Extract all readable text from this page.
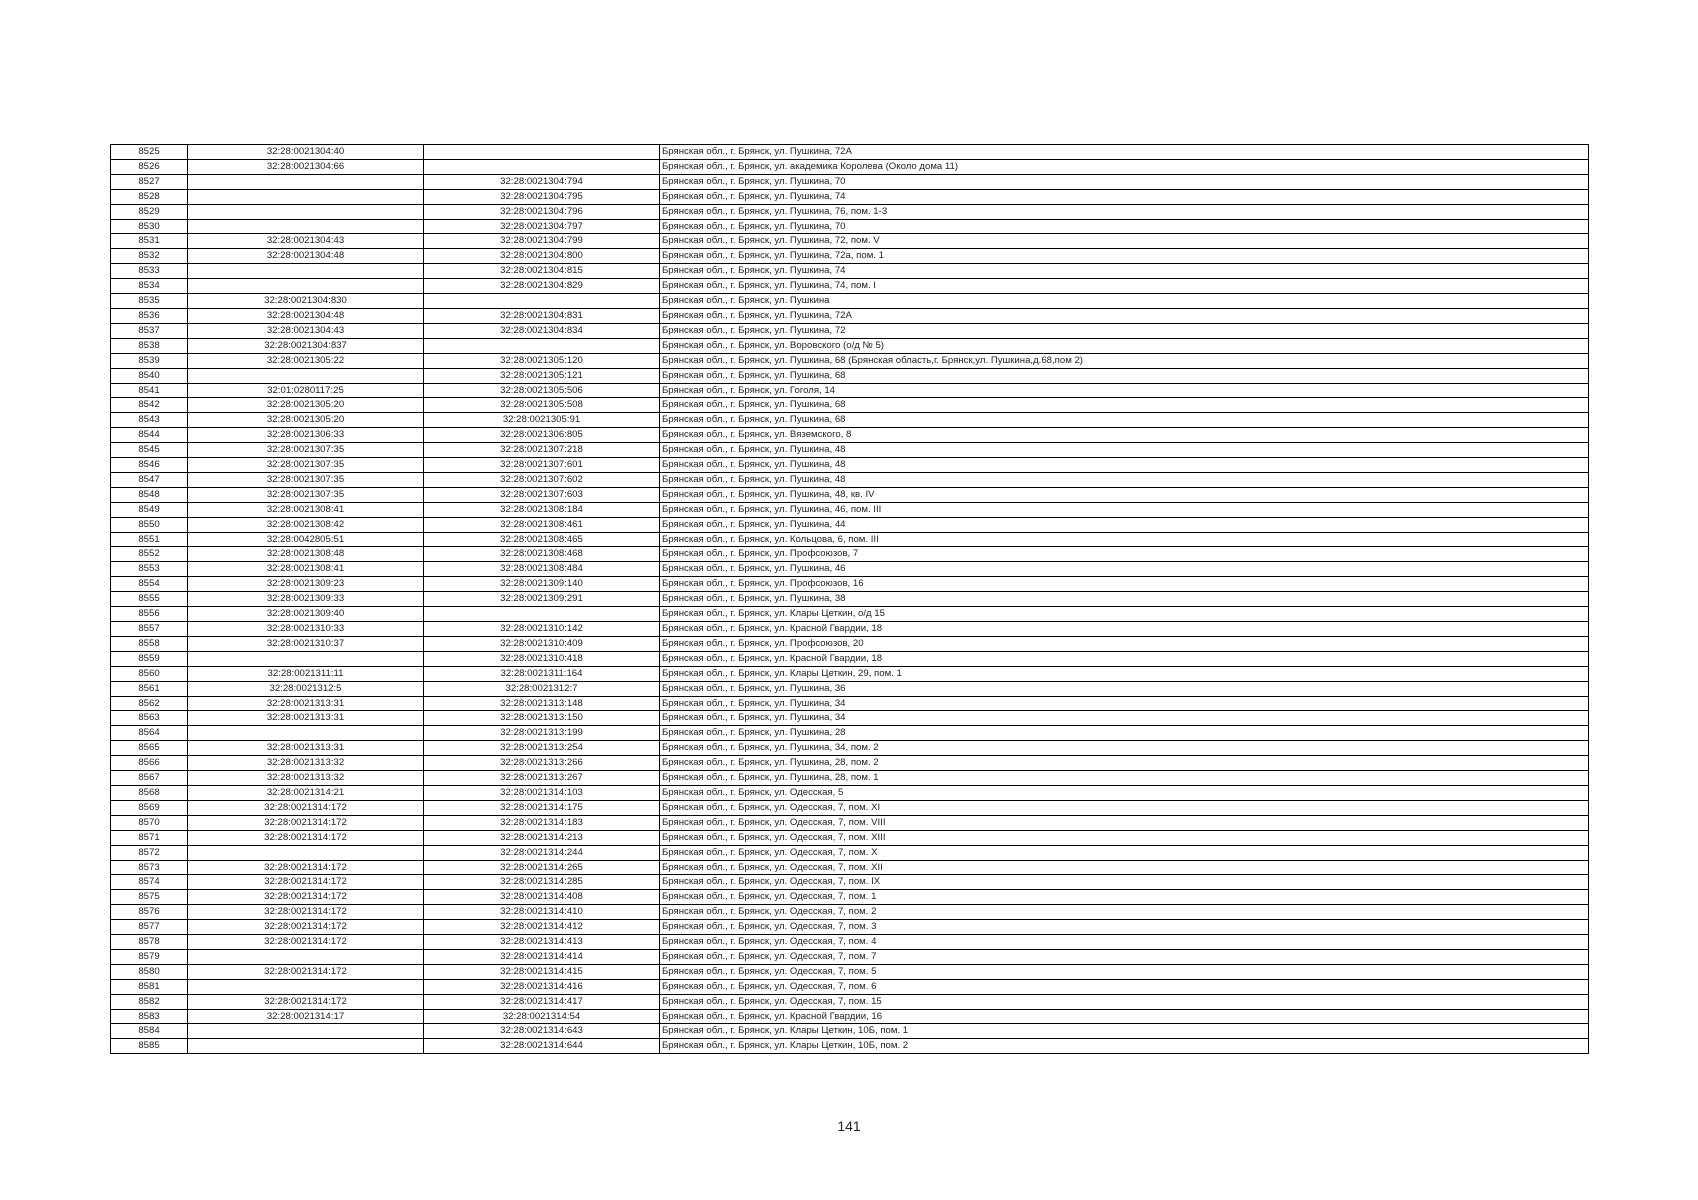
8525	32:28:0021304:40		Брянская обл., г. Брянск, ул. Пушкина, 72А
8526	32:28:0021304:66		Брянская обл., г. Брянск, ул. академика Королева (Около дома 11)
8527		32:28:0021304:794	Брянская обл., г. Брянск, ул. Пушкина, 70
8528		32:28:0021304:795	Брянская обл., г. Брянск, ул. Пушкина, 74
8529		32:28:0021304:796	Брянская обл., г. Брянск, ул. Пушкина, 76, пом. 1-3
8530		32:28:0021304:797	Брянская обл., г. Брянск, ул. Пушкина, 70
8531	32:28:0021304:43	32:28:0021304:799	Брянская обл., г. Брянск, ул. Пушкина, 72, пом. V
8532	32:28:0021304:48	32:28:0021304:800	Брянская обл., г. Брянск, ул. Пушкина, 72а, пом. 1
8533		32:28:0021304:815	Брянская обл., г. Брянск, ул. Пушкина, 74
8534		32:28:0021304:829	Брянская обл., г. Брянск, ул. Пушкина, 74, пом. I
8535	32:28:0021304:830		Брянская обл., г. Брянск, ул. Пушкина
8536	32:28:0021304:48	32:28:0021304:831	Брянская обл., г. Брянск, ул. Пушкина, 72А
8537	32:28:0021304:43	32:28:0021304:834	Брянская обл., г. Брянск, ул. Пушкина, 72
8538	32:28:0021304:837		Брянская обл., г. Брянск, ул. Воровского (о/д № 5)
8539	32:28:0021305:22	32:28:0021305:120	Брянская обл., г. Брянск, ул. Пушкина, 68 (Брянская область,г. Брянск,ул. Пушкина,д.68,пом 2)
8540		32:28:0021305:121	Брянская обл., г. Брянск, ул. Пушкина, 68
8541	32:01:0280117:25	32:28:0021305:506	Брянская обл., г. Брянск, ул. Гоголя, 14
8542	32:28:0021305:20	32:28:0021305:508	Брянская обл., г. Брянск, ул. Пушкина, 68
8543	32:28:0021305:20	32:28:0021305:91	Брянская обл., г. Брянск, ул. Пушкина, 68
8544	32:28:0021306:33	32:28:0021306:805	Брянская обл., г. Брянск, ул. Вяземского, 8
8545	32:28:0021307:35	32:28:0021307:218	Брянская обл., г. Брянск, ул. Пушкина, 48
8546	32:28:0021307:35	32:28:0021307:601	Брянская обл., г. Брянск, ул. Пушкина, 48
8547	32:28:0021307:35	32:28:0021307:602	Брянская обл., г. Брянск, ул. Пушкина, 48
8548	32:28:0021307:35	32:28:0021307:603	Брянская обл., г. Брянск, ул. Пушкина, 48, кв. IV
8549	32:28:0021308:41	32:28:0021308:184	Брянская обл., г. Брянск, ул. Пушкина, 46, пом. III
8550	32:28:0021308:42	32:28:0021308:461	Брянская обл., г. Брянск, ул. Пушкина, 44
8551	32:28:0042805:51	32:28:0021308:465	Брянская обл., г. Брянск, ул. Кольцова, 6, пом. III
8552	32:28:0021308:48	32:28:0021308:468	Брянская обл., г. Брянск, ул. Профсоюзов, 7
8553	32:28:0021308:41	32:28:0021308:484	Брянская обл., г. Брянск, ул. Пушкина, 46
8554	32:28:0021309:23	32:28:0021309:140	Брянская обл., г. Брянск, ул. Профсоюзов, 16
8555	32:28:0021309:33	32:28:0021309:291	Брянская обл., г. Брянск, ул. Пушкина, 38
8556	32:28:0021309:40		Брянская обл., г. Брянск, ул. Клары Цеткин, о/д 15
8557	32:28:0021310:33	32:28:0021310:142	Брянская обл., г. Брянск, ул. Красной Гвардии, 18
8558	32:28:0021310:37	32:28:0021310:409	Брянская обл., г. Брянск, ул. Профсоюзов, 20
8559		32:28:0021310:418	Брянская обл., г. Брянск, ул. Красной Гвардии, 18
8560	32:28:0021311:11	32:28:0021311:164	Брянская обл., г. Брянск, ул. Клары Цеткин, 29, пом. 1
8561	32:28:0021312:5	32:28:0021312:7	Брянская обл., г. Брянск, ул. Пушкина, 36
8562	32:28:0021313:31	32:28:0021313:148	Брянская обл., г. Брянск, ул. Пушкина, 34
8563	32:28:0021313:31	32:28:0021313:150	Брянская обл., г. Брянск, ул. Пушкина, 34
8564		32:28:0021313:199	Брянская обл., г. Брянск, ул. Пушкина, 28
8565	32:28:0021313:31	32:28:0021313:254	Брянская обл., г. Брянск, ул. Пушкина, 34, пом. 2
8566	32:28:0021313:32	32:28:0021313:266	Брянская обл., г. Брянск, ул. Пушкина, 28, пом. 2
8567	32:28:0021313:32	32:28:0021313:267	Брянская обл., г. Брянск, ул. Пушкина, 28, пом. 1
8568	32:28:0021314:21	32:28:0021314:103	Брянская обл., г. Брянск, ул. Одесская, 5
8569	32:28:0021314:172	32:28:0021314:175	Брянская обл., г. Брянск, ул. Одесская, 7, пом. XI
8570	32:28:0021314:172	32:28:0021314:183	Брянская обл., г. Брянск, ул. Одесская, 7, пом. VIII
8571	32:28:0021314:172	32:28:0021314:213	Брянская обл., г. Брянск, ул. Одесская, 7, пом. XIII
8572		32:28:0021314:244	Брянская обл., г. Брянск, ул. Одесская, 7, пом. X
8573	32:28:0021314:172	32:28:0021314:265	Брянская обл., г. Брянск, ул. Одесская, 7, пом. XII
8574	32:28:0021314:172	32:28:0021314:285	Брянская обл., г. Брянск, ул. Одесская, 7, пом. IX
8575	32:28:0021314:172	32:28:0021314:408	Брянская обл., г. Брянск, ул. Одесская, 7, пом. 1
8576	32:28:0021314:172	32:28:0021314:410	Брянская обл., г. Брянск, ул. Одесская, 7, пом. 2
8577	32:28:0021314:172	32:28:0021314:412	Брянская обл., г. Брянск, ул. Одесская, 7, пом. 3
8578	32:28:0021314:172	32:28:0021314:413	Брянская обл., г. Брянск, ул. Одесская, 7, пом. 4
8579		32:28:0021314:414	Брянская обл., г. Брянск, ул. Одесская, 7, пом. 7
8580	32:28:0021314:172	32:28:0021314:415	Брянская обл., г. Брянск, ул. Одесская, 7, пом. 5
8581		32:28:0021314:416	Брянская обл., г. Брянск, ул. Одесская, 7, пом. 6
8582	32:28:0021314:172	32:28:0021314:417	Брянская обл., г. Брянск, ул. Одесская, 7, пом. 15
8583	32:28:0021314:17	32:28:0021314:54	Брянская обл., г. Брянск, ул. Красной Гвардии, 16
8584		32:28:0021314:643	Брянская обл., г. Брянск, ул. Клары Цеткин, 10Б, пом. 1
8585		32:28:0021314:644	Брянская обл., г. Брянск, ул. Клары Цеткин, 10Б, пом. 2
141
